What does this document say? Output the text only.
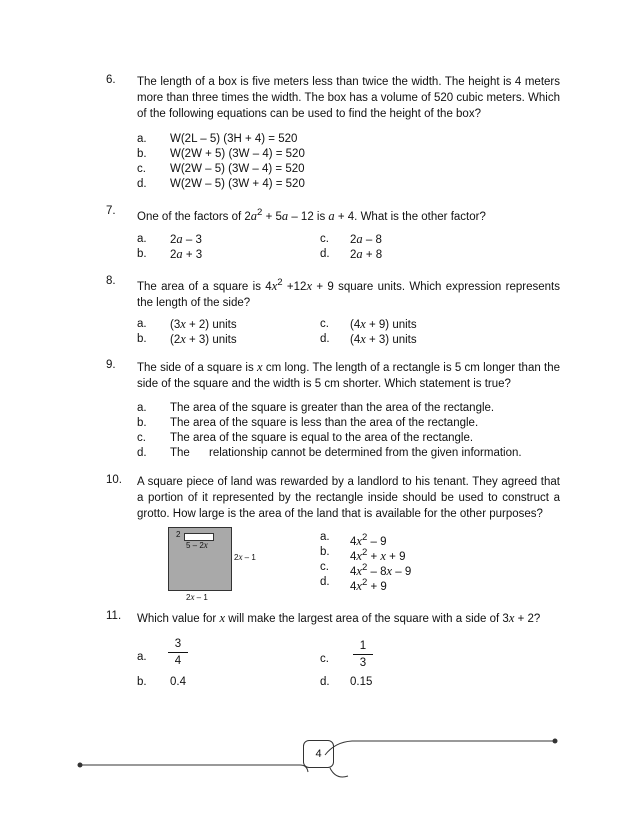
6. The length of a box is five meters less than twice the width. The height is 4 meters more than three times the width. The box has a volume of 520 cubic meters. Which of the following equations can be used to find the height of the box?
a. W(2L – 5) (3H + 4) = 520
b. W(2W + 5) (3W – 4) = 520
c. W(2W – 5) (3W – 4) = 520
d. W(2W – 5) (3W + 4) = 520
7. One of the factors of $2a^2 + 5a - 12$ is a + 4. What is the other factor?
a. 2a – 3
b. 2a + 3
c. 2a – 8
d. 2a + 8
8. The area of a square is $4x^2 +12x + 9$ square units. Which expression represents the length of the side?
a. (3x + 2) units
b. (2x + 3) units
c. (4x + 9) units
d. (4x + 3) units
9. The side of a square is x cm long. The length of a rectangle is 5 cm longer than the side of the square and the width is 5 cm shorter. Which statement is true?
a. The area of the square is greater than the area of the rectangle.
b. The area of the square is less than the area of the rectangle.
c. The area of the square is equal to the area of the rectangle.
d. The      relationship cannot be determined from the given information.
10. A square piece of land was rewarded by a landlord to his tenant. They agreed that a portion of it represented by the rectangle inside should be used to construct a grotto. How large is the area of the land that is available for the other purposes?
2
5 – 2x
2x – 1
2x – 1
a. $4x^2 - 9$
b. $4x^2 + x + 9$
c. $4x^2 - 8x - 9$
d. $4x^2 + 9$
11. Which value for x will make the largest area of the square with a side of 3x + 2?
a.
3
4
b. 0.4
c.
1
3
d. 0.15
4
